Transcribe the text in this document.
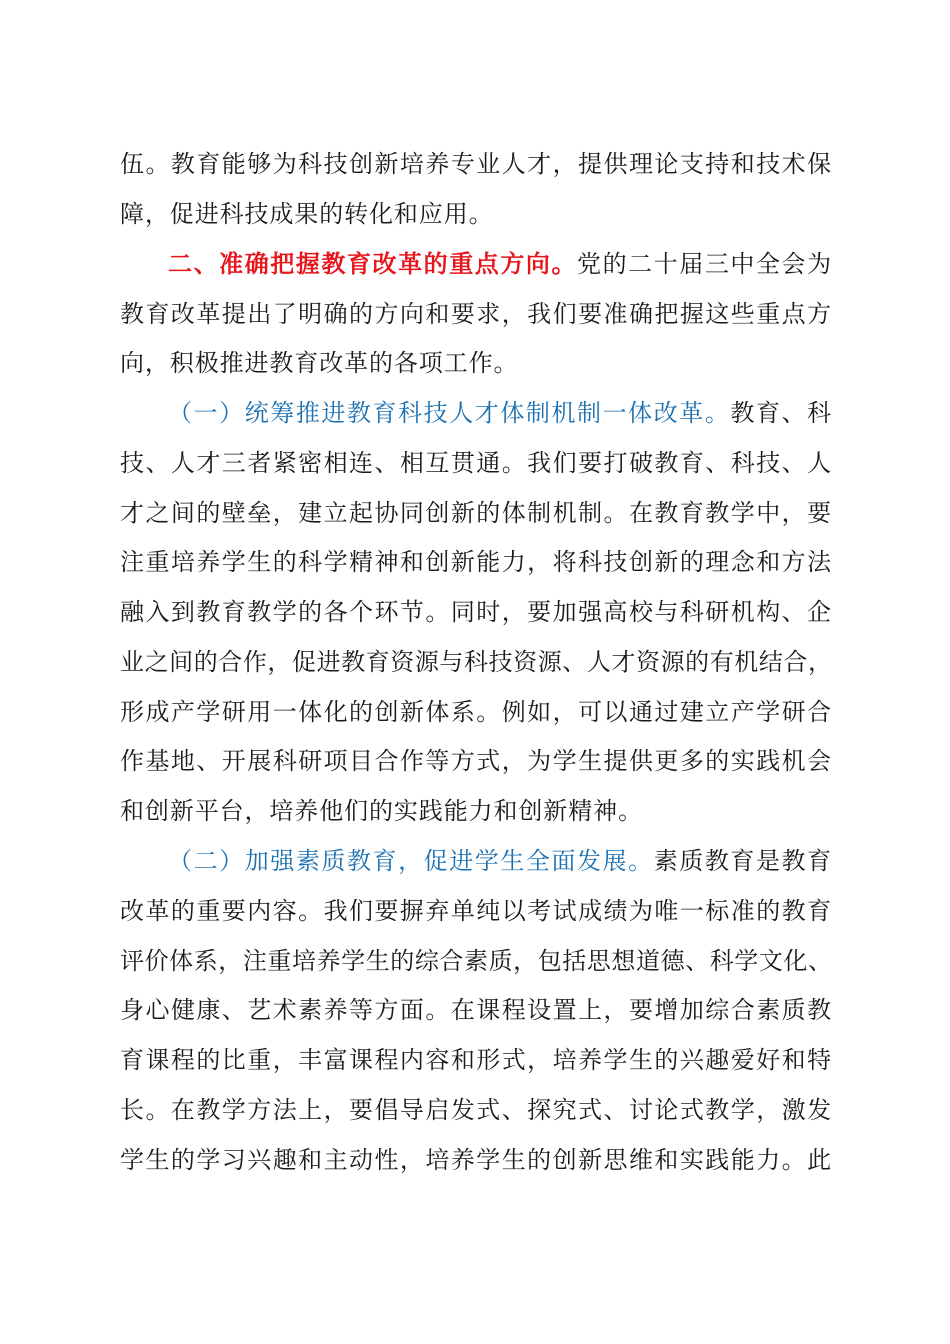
伍。教育能够为科技创新培养专业人才，提供理论支持和技术保
障，促进科技成果的转化和应用。
二、准确把握教育改革的重点方向。党的二十届三中全会为
教育改革提出了明确的方向和要求，我们要准确把握这些重点方
向，积极推进教育改革的各项工作。
（一）统筹推进教育科技人才体制机制一体改革。教育、科
技、人才三者紧密相连、相互贯通。我们要打破教育、科技、人
才之间的壁垒，建立起协同创新的体制机制。在教育教学中，要
注重培养学生的科学精神和创新能力，将科技创新的理念和方法
融入到教育教学的各个环节。同时，要加强高校与科研机构、企
业之间的合作，促进教育资源与科技资源、人才资源的有机结合，
形成产学研用一体化的创新体系。例如，可以通过建立产学研合
作基地、开展科研项目合作等方式，为学生提供更多的实践机会
和创新平台，培养他们的实践能力和创新精神。
（二）加强素质教育，促进学生全面发展。素质教育是教育
改革的重要内容。我们要摒弃单纯以考试成绩为唯一标准的教育
评价体系，注重培养学生的综合素质，包括思想道德、科学文化、
身心健康、艺术素养等方面。在课程设置上，要增加综合素质教
育课程的比重，丰富课程内容和形式，培养学生的兴趣爱好和特
长。在教学方法上，要倡导启发式、探究式、讨论式教学，激发
学生的学习兴趣和主动性，培养学生的创新思维和实践能力。此
